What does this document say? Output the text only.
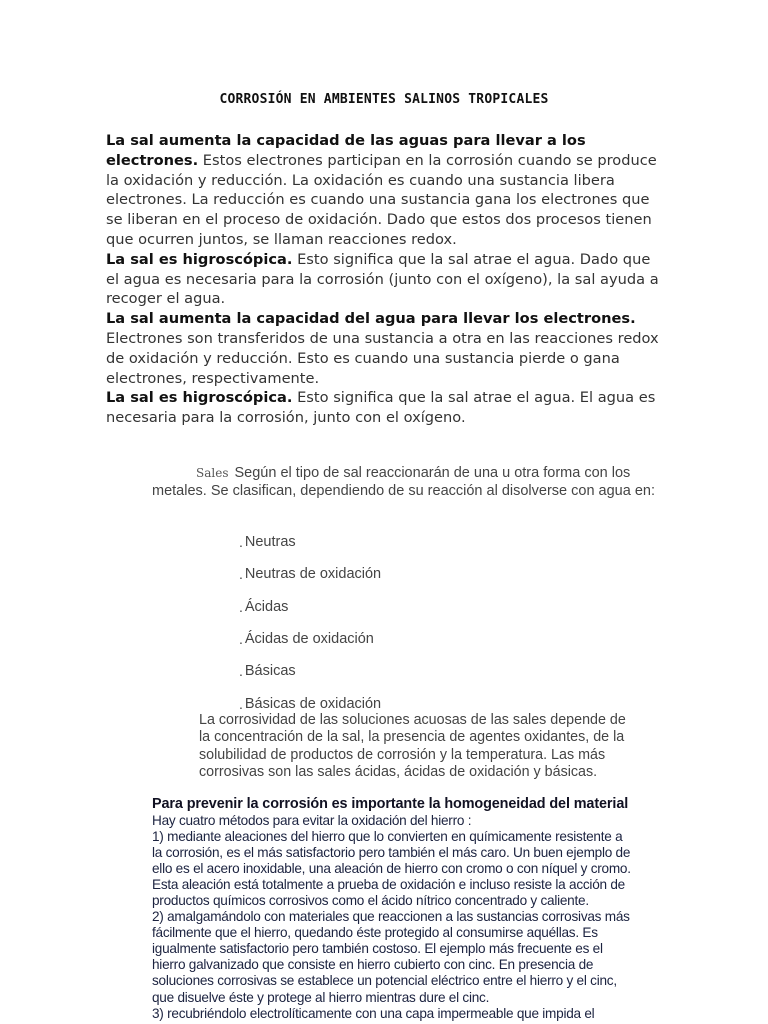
CORROSIÓN EN AMBIENTES SALINOS TROPICALES

La sal aumenta la capacidad de las aguas para llevar a los electrones. Estos electrones participan en la corrosión cuando se produce la oxidación y reducción. La oxidación es cuando una sustancia libera electrones. La reducción es cuando una sustancia gana los electrones que se liberan en el proceso de oxidación. Dado que estos dos procesos tienen que ocurren juntos, se llaman reacciones redox.

La sal es higroscópica. Esto significa que la sal atrae el agua. Dado que el agua es necesaria para la corrosión (junto con el oxígeno), la sal ayuda a recoger el agua.

La sal aumenta la capacidad del agua para llevar los electrones. Electrones son transferidos de una sustancia a otra en las reacciones redox de oxidación y reducción. Esto es cuando una sustancia pierde o gana electrones, respectivamente.

La sal es higroscópica. Esto significa que la sal atrae el agua. El agua es necesaria para la corrosión, junto con el oxígeno.

Sales Según el tipo de sal reaccionarán de una u otra forma con los metales. Se clasifican, dependiendo de su reacción al disolverse con agua en:
. Neutras
. Neutras de oxidación
. Ácidas
. Ácidas de oxidación
. Básicas
. Básicas de oxidación
La corrosividad de las soluciones acuosas de las sales depende de la concentración de la sal, la presencia de agentes oxidantes, de la solubilidad de productos de corrosión y la temperatura. Las más corrosivas son las sales ácidas, ácidas de oxidación y básicas.
Para prevenir la corrosión es importante la homogeneidad del material
Hay cuatro métodos para evitar la oxidación del hierro :
1) mediante aleaciones del hierro que lo convierten en químicamente resistente a
la corrosión, es el más satisfactorio pero también el más caro. Un buen ejemplo de
ello es el acero inoxidable, una aleación de hierro con cromo o con níquel y cromo.
Esta aleación está totalmente a prueba de oxidación e incluso resiste la acción de
productos químicos corrosivos como el ácido nítrico concentrado y caliente.
2) amalgamándolo con materiales que reaccionen a las sustancias corrosivas más
fácilmente que el hierro, quedando éste protegido al consumirse aquéllas. Es
igualmente satisfactorio pero también costoso. El ejemplo más frecuente es el
hierro galvanizado que consiste en hierro cubierto con cinc. En presencia de
soluciones corrosivas se establece un potencial eléctrico entre el hierro y el cinc,
que disuelve éste y protege al hierro mientras dure el cinc.
3) recubriéndolo electrolíticamente con una capa impermeable que impida el
